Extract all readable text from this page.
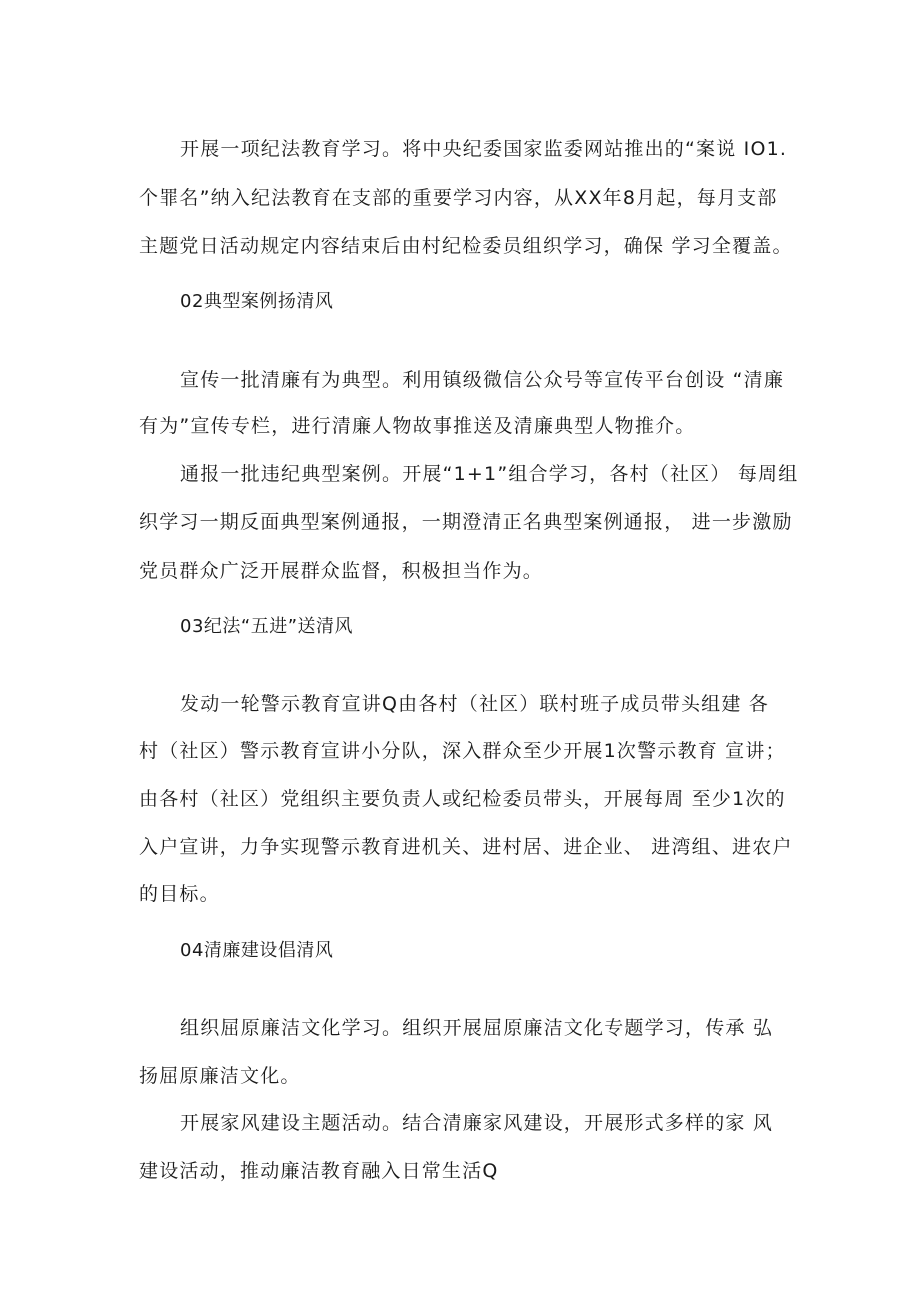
开展一项纪法教育学习。将中央纪委国家监委网站推出的“案说 IO1.
个罪名”纳入纪法教育在支部的重要学习内容，从XX年8月起，每月支部
主题党日活动规定内容结束后由村纪检委员组织学习，确保 学习全覆盖。
02典型案例扬清风
宣传一批清廉有为典型。利用镇级微信公众号等宣传平台创设 “清廉
有为”宣传专栏，进行清廉人物故事推送及清廉典型人物推介。
通报一批违纪典型案例。开展“1+1”组合学习，各村（社区） 每周组
织学习一期反面典型案例通报，一期澄清正名典型案例通报， 进一步激励
党员群众广泛开展群众监督，积极担当作为。
03纪法“五进”送清风
发动一轮警示教育宣讲Q由各村（社区）联村班子成员带头组建 各
村（社区）警示教育宣讲小分队，深入群众至少开展1次警示教育 宣讲；
由各村（社区）党组织主要负责人或纪检委员带头，开展每周 至少1次的
入户宣讲，力争实现警示教育进机关、进村居、进企业、 进湾组、进农户
的目标。
04清廉建设倡清风
组织屈原廉洁文化学习。组织开展屈原廉洁文化专题学习，传承 弘
扬屈原廉洁文化。
开展家风建设主题活动。结合清廉家风建设，开展形式多样的家 风
建设活动，推动廉洁教育融入日常生活Q
